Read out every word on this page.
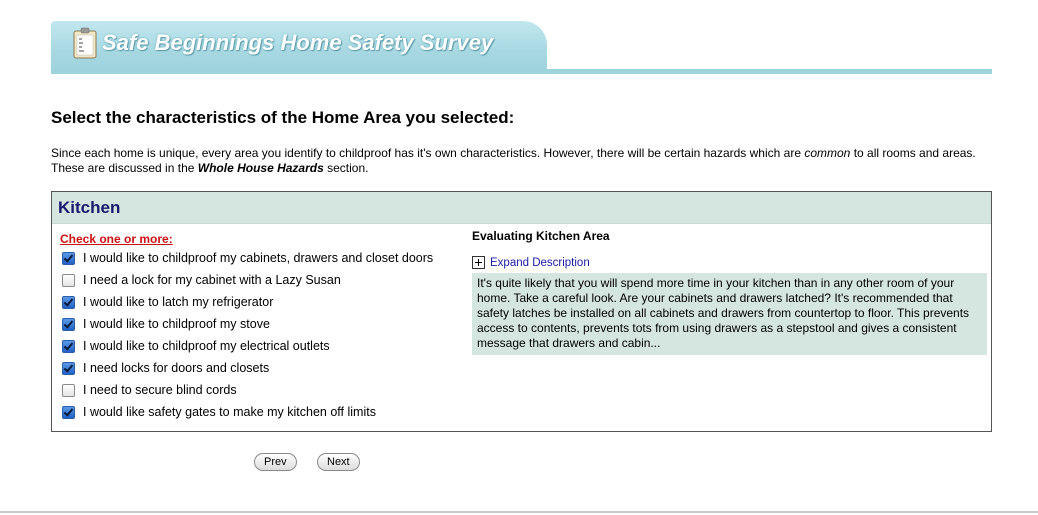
Safe Beginnings Home Safety Survey
Select the characteristics of the Home Area you selected:
Since each home is unique, every area you identify to childproof has it's own characteristics. However, there will be certain hazards which are common to all rooms and areas. These are discussed in the Whole House Hazards section.
Kitchen
Check one or more:
I would like to childproof my cabinets, drawers and closet doors
I need a lock for my cabinet with a Lazy Susan
I would like to latch my refrigerator
I would like to childproof my stove
I would like to childproof my electrical outlets
I need locks for doors and closets
I need to secure blind cords
I would like safety gates to make my kitchen off limits
Evaluating Kitchen Area
Expand Description
It's quite likely that you will spend more time in your kitchen than in any other room of your home. Take a careful look. Are your cabinets and drawers latched? It's recommended that safety latches be installed on all cabinets and drawers from countertop to floor. This prevents access to contents, prevents tots from using drawers as a stepstool and gives a consistent message that drawers and cabin...
Prev	Next
